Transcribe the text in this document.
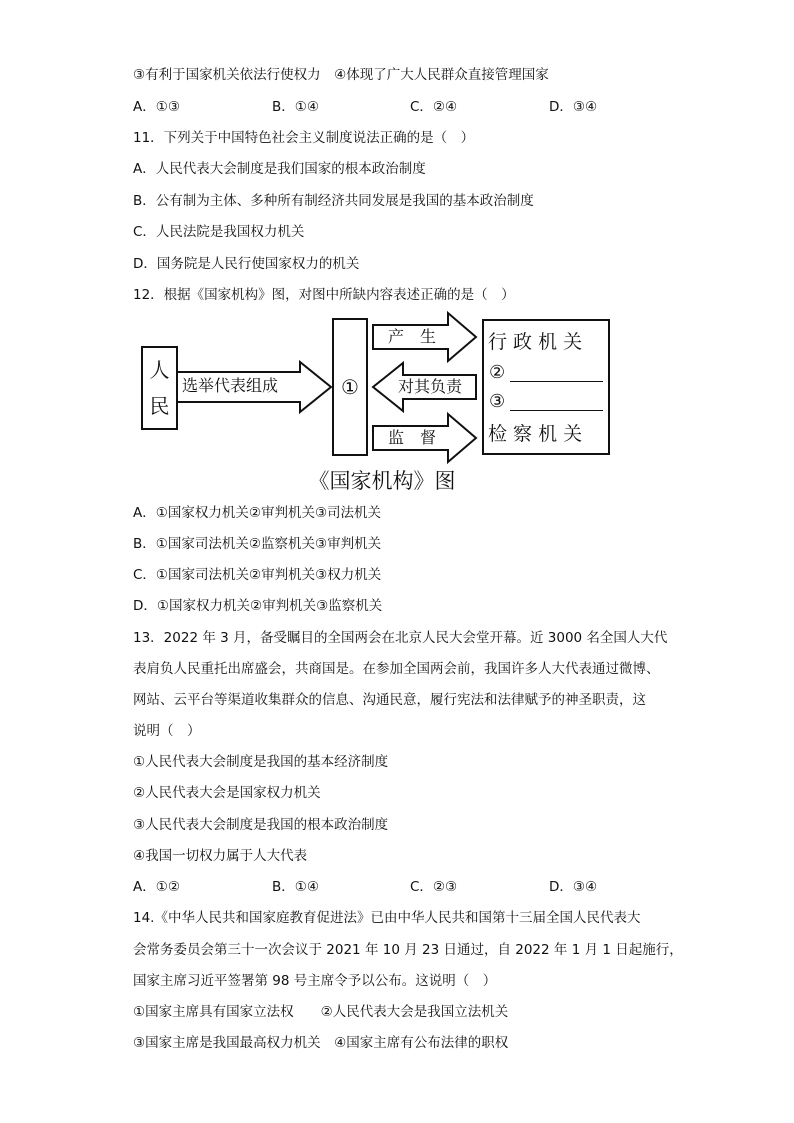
③有利于国家机关依法行使权力　④体现了广大人民群众直接管理国家
A．①③	B．①④	C．②④	D．③④
11．下列关于中国特色社会主义制度说法正确的是（　）
A．人民代表大会制度是我们国家的根本政治制度
B．公有制为主体、多种所有制经济共同发展是我国的基本政治制度
C．人民法院是我国权力机关
D．国务院是人民行使国家权力的机关
12．根据《国家机构》图，对图中所缺内容表述正确的是（　）
人民
选举代表组成	①
产　生
对其负责
监　督
行 政 机 关
②
③
检 察 机 关
《国家机构》图
A．①国家权力机关②审判机关③司法机关
B．①国家司法机关②监察机关③审判机关
C．①国家司法机关②审判机关③权力机关
D．①国家权力机关②审判机关③监察机关
13．2022 年 3 月，备受瞩目的全国两会在北京人民大会堂开幕。近 3000 名全国人大代
表肩负人民重托出席盛会，共商国是。在参加全国两会前，我国许多人大代表通过微博、
网站、云平台等渠道收集群众的信息、沟通民意，履行宪法和法律赋予的神圣职责，这
说明（　）
①人民代表大会制度是我国的基本经济制度
②人民代表大会是国家权力机关
③人民代表大会制度是我国的根本政治制度
④我国一切权力属于人大代表
A．①②	B．①④	C．②③	D．③④
14.《中华人民共和国家庭教育促进法》已由中华人民共和国第十三届全国人民代表大
会常务委员会第三十一次会议于 2021 年 10 月 23 日通过，自 2022 年 1 月 1 日起施行，
国家主席习近平签署第 98 号主席令予以公布。这说明（　）
①国家主席具有国家立法权　　②人民代表大会是我国立法机关
③国家主席是我国最高权力机关　④国家主席有公布法律的职权
